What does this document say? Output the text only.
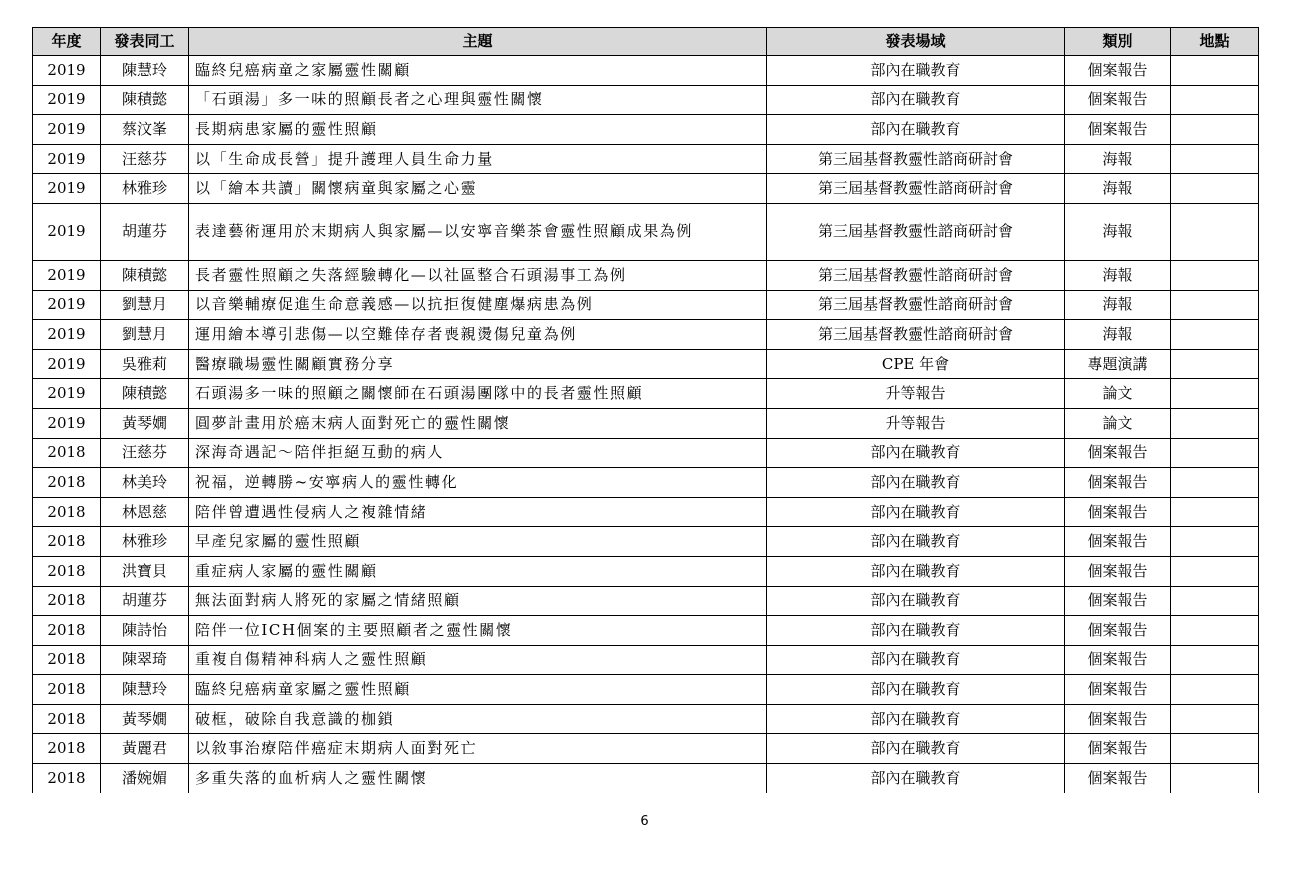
年度	發表同工	主題	發表場域	類別	地點
2019	陳慧玲	臨終兒癌病童之家屬靈性關顧	部內在職教育	個案報告	
2019	陳積懿	「石頭湯」多一味的照顧長者之心理與靈性關懷	部內在職教育	個案報告	
2019	蔡汶峯	長期病患家屬的靈性照顧	部內在職教育	個案報告	
2019	汪慈芬	以「生命成長營」提升護理人員生命力量	第三屆基督教靈性諮商研討會	海報	
2019	林雅珍	以「繪本共讀」關懷病童與家屬之心靈	第三屆基督教靈性諮商研討會	海報	
2019	胡蓮芬	表達藝術運用於末期病人與家屬—以安寧音樂茶會靈性照顧成果為例	第三屆基督教靈性諮商研討會	海報	
2019	陳積懿	長者靈性照顧之失落經驗轉化—以社區整合石頭湯事工為例	第三屆基督教靈性諮商研討會	海報	
2019	劉慧月	以音樂輔療促進生命意義感—以抗拒復健塵爆病患為例	第三屆基督教靈性諮商研討會	海報	
2019	劉慧月	運用繪本導引悲傷—以空難倖存者喪親燙傷兒童為例	第三屆基督教靈性諮商研討會	海報	
2019	吳雅莉	醫療職場靈性關顧實務分享	CPE 年會	專題演講	
2019	陳積懿	石頭湯多一味的照顧之關懷師在石頭湯團隊中的長者靈性照顧	升等報告	論文	
2019	黃琴嫺	圓夢計畫用於癌末病人面對死亡的靈性關懷	升等報告	論文	
2018	汪慈芬	深海奇遇記～陪伴拒絕互動的病人	部內在職教育	個案報告	
2018	林美玲	祝福，逆轉勝~安寧病人的靈性轉化	部內在職教育	個案報告	
2018	林恩慈	陪伴曾遭遇性侵病人之複雜情緒	部內在職教育	個案報告	
2018	林雅珍	早產兒家屬的靈性照顧	部內在職教育	個案報告	
2018	洪寶貝	重症病人家屬的靈性關顧	部內在職教育	個案報告	
2018	胡蓮芬	無法面對病人將死的家屬之情緒照顧	部內在職教育	個案報告	
2018	陳詩怡	陪伴一位ICH個案的主要照顧者之靈性關懷	部內在職教育	個案報告	
2018	陳翠琦	重複自傷精神科病人之靈性照顧	部內在職教育	個案報告	
2018	陳慧玲	臨終兒癌病童家屬之靈性照顧	部內在職教育	個案報告	
2018	黃琴嫺	破框，破除自我意識的枷鎖	部內在職教育	個案報告	
2018	黃麗君	以敘事治療陪伴癌症末期病人面對死亡	部內在職教育	個案報告	
2018	潘婉媚	多重失落的血析病人之靈性關懷	部內在職教育	個案報告	
6
